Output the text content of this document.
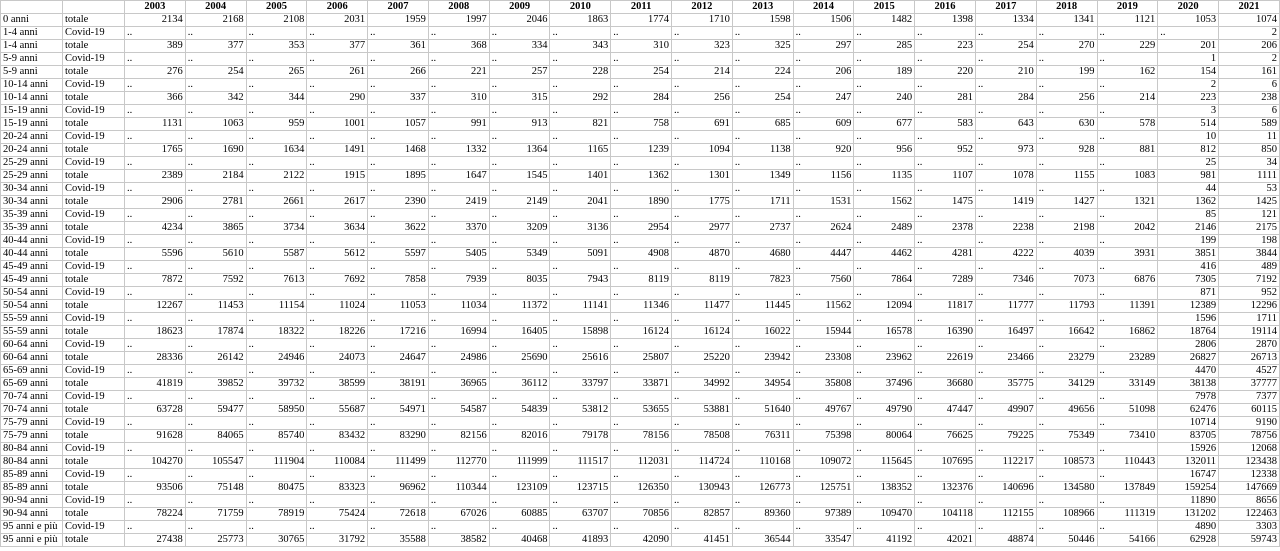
		2003	2004	2005	2006	2007	2008	2009	2010	2011	2012	2013	2014	2015	2016	2017	2018	2019	2020	2021
0 anni	totale	2134	2168	2108	2031	1959	1997	2046	1863	1774	1710	1598	1506	1482	1398	1334	1341	1121	1053	1074
1-4 anni	Covid-19	..	..	..	..	..	..	..	..	..	..	..	..	..	..	..	..	..	..	2
1-4 anni	totale	389	377	353	377	361	368	334	343	310	323	325	297	285	223	254	270	229	201	206
5-9 anni	Covid-19	..	..	..	..	..	..	..	..	..	..	..	..	..	..	..	..	..	1	2
5-9 anni	totale	276	254	265	261	266	221	257	228	254	214	224	206	189	220	210	199	162	154	161
10-14 anni	Covid-19	..	..	..	..	..	..	..	..	..	..	..	..	..	..	..	..	..	2	6
10-14 anni	totale	366	342	344	290	337	310	315	292	284	256	254	247	240	281	284	256	214	223	238
15-19 anni	Covid-19	..	..	..	..	..	..	..	..	..	..	..	..	..	..	..	..	..	3	6
15-19 anni	totale	1131	1063	959	1001	1057	991	913	821	758	691	685	609	677	583	643	630	578	514	589
20-24 anni	Covid-19	..	..	..	..	..	..	..	..	..	..	..	..	..	..	..	..	..	10	11
20-24 anni	totale	1765	1690	1634	1491	1468	1332	1364	1165	1239	1094	1138	920	956	952	973	928	881	812	850
25-29 anni	Covid-19	..	..	..	..	..	..	..	..	..	..	..	..	..	..	..	..	..	25	34
25-29 anni	totale	2389	2184	2122	1915	1895	1647	1545	1401	1362	1301	1349	1156	1135	1107	1078	1155	1083	981	1111
30-34 anni	Covid-19	..	..	..	..	..	..	..	..	..	..	..	..	..	..	..	..	..	44	53
30-34 anni	totale	2906	2781	2661	2617	2390	2419	2149	2041	1890	1775	1711	1531	1562	1475	1419	1427	1321	1362	1425
35-39 anni	Covid-19	..	..	..	..	..	..	..	..	..	..	..	..	..	..	..	..	..	85	121
35-39 anni	totale	4234	3865	3734	3634	3622	3370	3209	3136	2954	2977	2737	2624	2489	2378	2238	2198	2042	2146	2175
40-44 anni	Covid-19	..	..	..	..	..	..	..	..	..	..	..	..	..	..	..	..	..	199	198
40-44 anni	totale	5596	5610	5587	5612	5597	5405	5349	5091	4908	4870	4680	4447	4462	4281	4222	4039	3931	3851	3844
45-49 anni	Covid-19	..	..	..	..	..	..	..	..	..	..	..	..	..	..	..	..	..	416	489
45-49 anni	totale	7872	7592	7613	7692	7858	7939	8035	7943	8119	8119	7823	7560	7864	7289	7346	7073	6876	7305	7192
50-54 anni	Covid-19	..	..	..	..	..	..	..	..	..	..	..	..	..	..	..	..	..	871	952
50-54 anni	totale	12267	11453	11154	11024	11053	11034	11372	11141	11346	11477	11445	11562	12094	11817	11777	11793	11391	12389	12296
55-59 anni	Covid-19	..	..	..	..	..	..	..	..	..	..	..	..	..	..	..	..	..	1596	1711
55-59 anni	totale	18623	17874	18322	18226	17216	16994	16405	15898	16124	16124	16022	15944	16578	16390	16497	16642	16862	18764	19114
60-64 anni	Covid-19	..	..	..	..	..	..	..	..	..	..	..	..	..	..	..	..	..	2806	2870
60-64 anni	totale	28336	26142	24946	24073	24647	24986	25690	25616	25807	25220	23942	23308	23962	22619	23466	23279	23289	26827	26713
65-69 anni	Covid-19	..	..	..	..	..	..	..	..	..	..	..	..	..	..	..	..	..	4470	4527
65-69 anni	totale	41819	39852	39732	38599	38191	36965	36112	33797	33871	34992	34954	35808	37496	36680	35775	34129	33149	38138	37777
70-74 anni	Covid-19	..	..	..	..	..	..	..	..	..	..	..	..	..	..	..	..	..	7978	7377
70-74 anni	totale	63728	59477	58950	55687	54971	54587	54839	53812	53655	53881	51640	49767	49790	47447	49907	49656	51098	62476	60115
75-79 anni	Covid-19	..	..	..	..	..	..	..	..	..	..	..	..	..	..	..	..	..	10714	9190
75-79 anni	totale	91628	84065	85740	83432	83290	82156	82016	79178	78156	78508	76311	75398	80064	76625	79225	75349	73410	83705	78756
80-84 anni	Covid-19	..	..	..	..	..	..	..	..	..	..	..	..	..	..	..	..	..	15926	12068
80-84 anni	totale	104270	105547	111904	110084	111499	112770	111999	111517	112031	114724	110168	109072	115645	107695	112217	108573	110443	132011	123438
85-89 anni	Covid-19	..	..	..	..	..	..	..	..	..	..	..	..	..	..	..	..	..	16747	12338
85-89 anni	totale	93506	75148	80475	83323	96962	110344	123109	123715	126350	130943	126773	125751	138352	132376	140696	134580	137849	159254	147669
90-94 anni	Covid-19	..	..	..	..	..	..	..	..	..	..	..	..	..	..	..	..	..	11890	8656
90-94 anni	totale	78224	71759	78919	75424	72618	67026	60885	63707	70856	82857	89360	97389	109470	104118	112155	108966	111319	131202	122463
95 anni e più	Covid-19	..	..	..	..	..	..	..	..	..	..	..	..	..	..	..	..	..	4890	3303
95 anni e più	totale	27438	25773	30765	31792	35588	38582	40468	41893	42090	41451	36544	33547	41192	42021	48874	50446	54166	62928	59743
